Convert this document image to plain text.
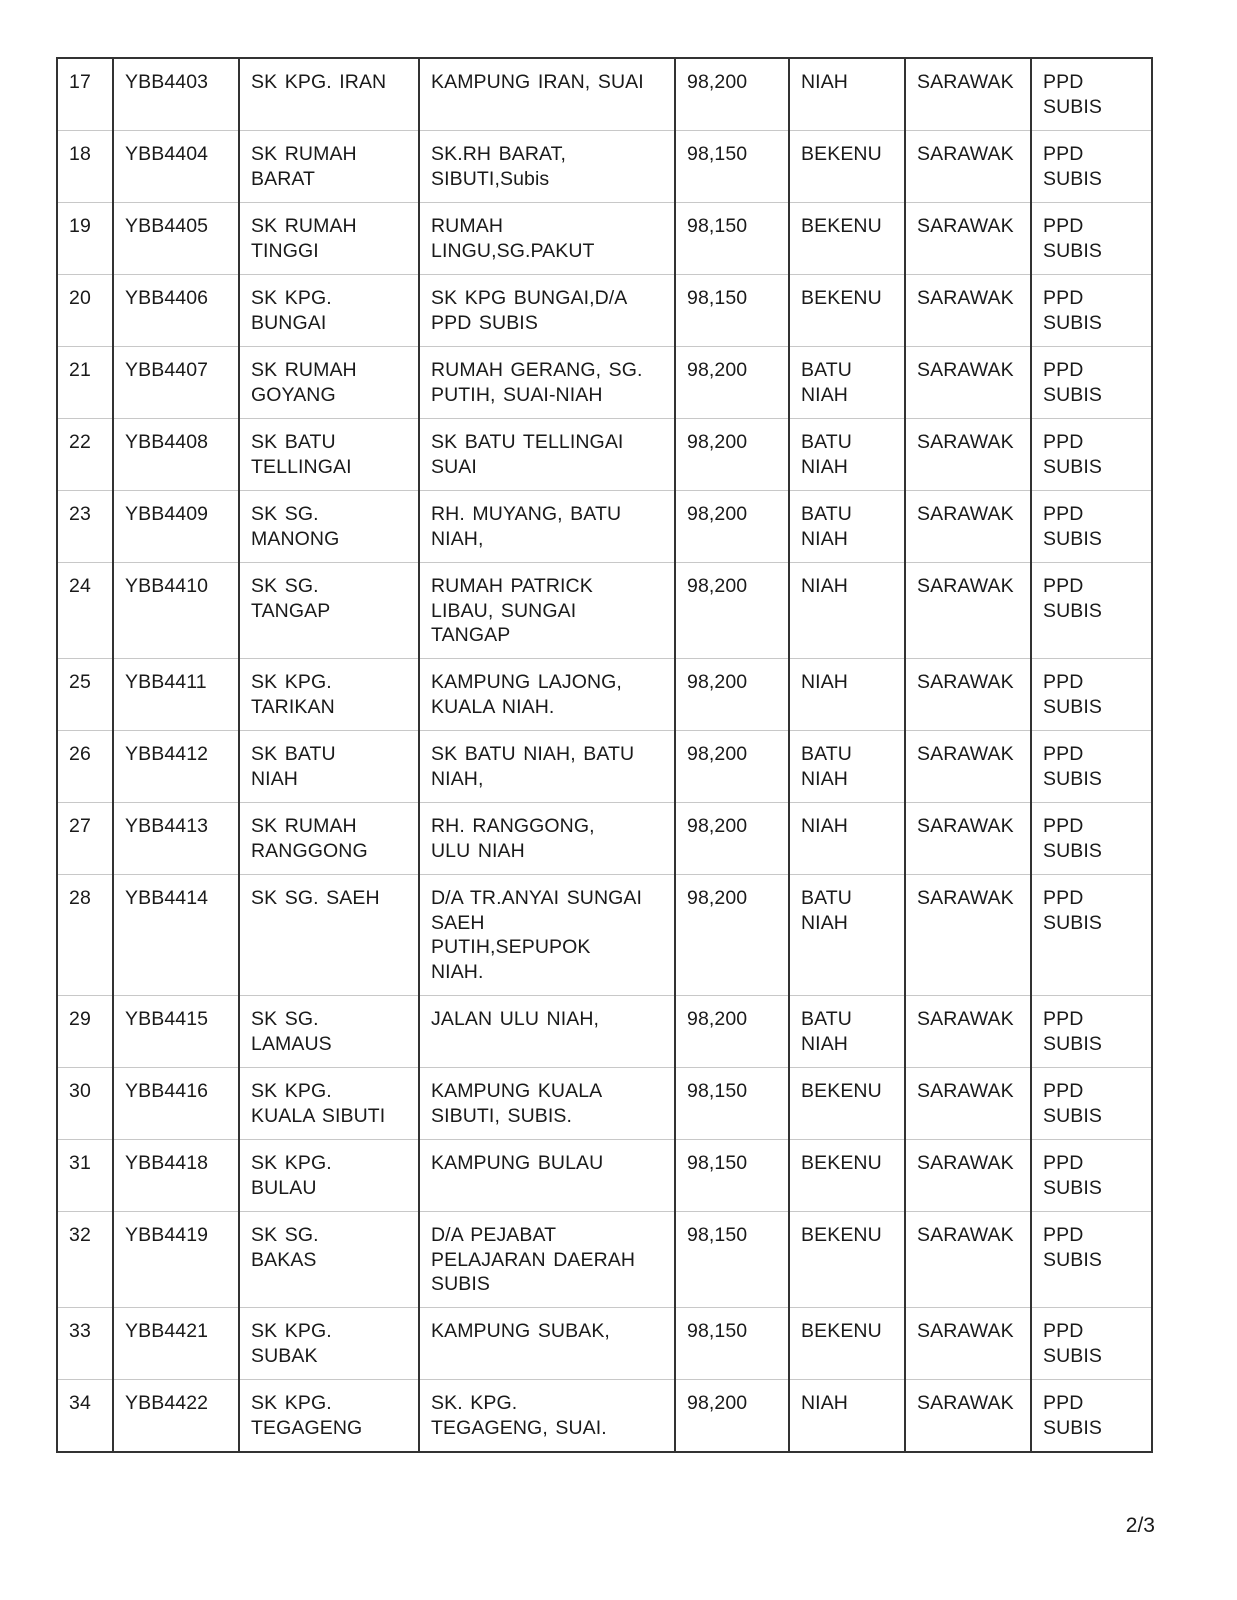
17	YBB4403	SK KPG. IRAN	KAMPUNG IRAN, SUAI	98,200	NIAH	SARAWAK	PPD
SUBIS
18	YBB4404	SK RUMAH
BARAT	SK.RH BARAT,
SIBUTI,Subis	98,150	BEKENU	SARAWAK	PPD
SUBIS
19	YBB4405	SK RUMAH
TINGGI	RUMAH
LINGU,SG.PAKUT	98,150	BEKENU	SARAWAK	PPD
SUBIS
20	YBB4406	SK KPG.
BUNGAI	SK KPG BUNGAI,D/A
PPD SUBIS	98,150	BEKENU	SARAWAK	PPD
SUBIS
21	YBB4407	SK RUMAH
GOYANG	RUMAH GERANG, SG.
PUTIH, SUAI-NIAH	98,200	BATU
NIAH	SARAWAK	PPD
SUBIS
22	YBB4408	SK BATU
TELLINGAI	SK BATU TELLINGAI
SUAI	98,200	BATU
NIAH	SARAWAK	PPD
SUBIS
23	YBB4409	SK SG.
MANONG	RH. MUYANG, BATU
NIAH,	98,200	BATU
NIAH	SARAWAK	PPD
SUBIS
24	YBB4410	SK SG.
TANGAP	RUMAH PATRICK
LIBAU, SUNGAI
TANGAP	98,200	NIAH	SARAWAK	PPD
SUBIS
25	YBB4411	SK KPG.
TARIKAN	KAMPUNG LAJONG,
KUALA NIAH.	98,200	NIAH	SARAWAK	PPD
SUBIS
26	YBB4412	SK BATU
NIAH	SK BATU NIAH, BATU
NIAH,	98,200	BATU
NIAH	SARAWAK	PPD
SUBIS
27	YBB4413	SK RUMAH
RANGGONG	RH. RANGGONG,
ULU NIAH	98,200	NIAH	SARAWAK	PPD
SUBIS
28	YBB4414	SK SG. SAEH	D/A TR.ANYAI SUNGAI
SAEH
PUTIH,SEPUPOK
NIAH.	98,200	BATU
NIAH	SARAWAK	PPD
SUBIS
29	YBB4415	SK SG.
LAMAUS	JALAN ULU NIAH,	98,200	BATU
NIAH	SARAWAK	PPD
SUBIS
30	YBB4416	SK KPG.
KUALA SIBUTI	KAMPUNG KUALA
SIBUTI, SUBIS.	98,150	BEKENU	SARAWAK	PPD
SUBIS
31	YBB4418	SK KPG.
BULAU	KAMPUNG BULAU	98,150	BEKENU	SARAWAK	PPD
SUBIS
32	YBB4419	SK SG.
BAKAS	D/A PEJABAT
PELAJARAN DAERAH
SUBIS	98,150	BEKENU	SARAWAK	PPD
SUBIS
33	YBB4421	SK KPG.
SUBAK	KAMPUNG SUBAK,	98,150	BEKENU	SARAWAK	PPD
SUBIS
34	YBB4422	SK KPG.
TEGAGENG	SK. KPG.
TEGAGENG, SUAI.	98,200	NIAH	SARAWAK	PPD
SUBIS
2/3
